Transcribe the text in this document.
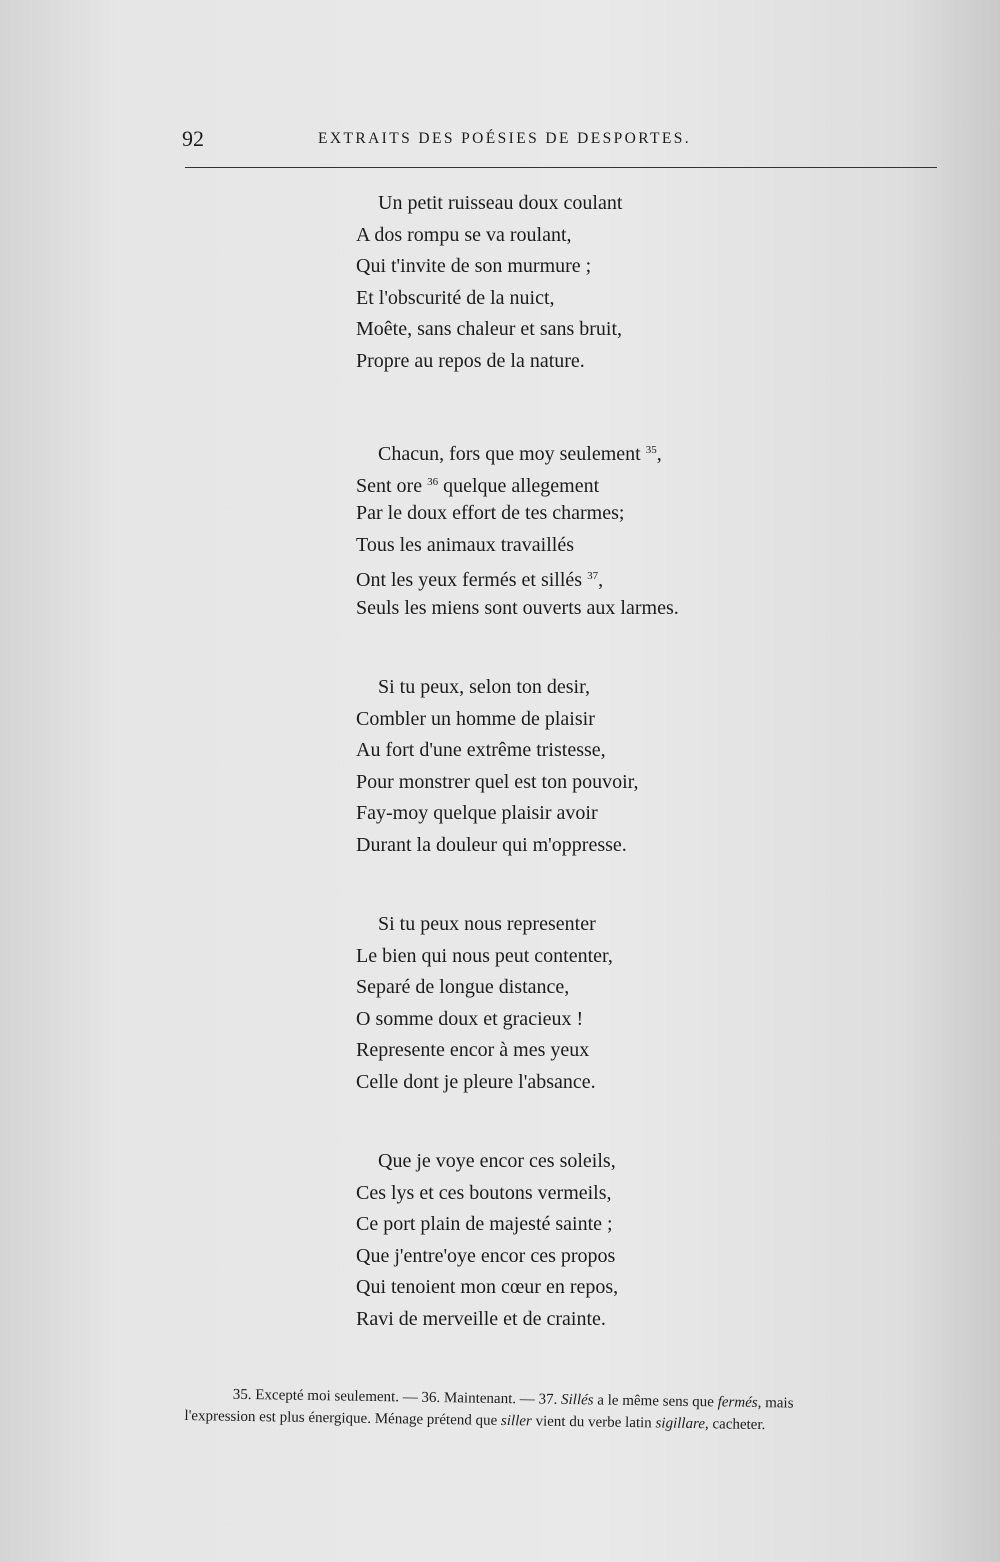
92	EXTRAITS DES POÉSIES DE DESPORTES.
Un petit ruisseau doux coulant
A dos rompu se va roulant,
Qui t'invite de son murmure ;
Et l'obscurité de la nuict,
Moête, sans chaleur et sans bruit,
Propre au repos de la nature.
Chacun, fors que moy seulement $^{35}$,
Sent ore $^{36}$ quelque allegement
Par le doux effort de tes charmes;
Tous les animaux travaillés
Ont les yeux fermés et sillés $^{37}$,
Seuls les miens sont ouverts aux larmes.
Si tu peux, selon ton desir,
Combler un homme de plaisir
Au fort d'une extrême tristesse,
Pour monstrer quel est ton pouvoir,
Fay-moy quelque plaisir avoir
Durant la douleur qui m'oppresse.
Si tu peux nous representer
Le bien qui nous peut contenter,
Separé de longue distance,
O somme doux et gracieux !
Represente encor à mes yeux
Celle dont je pleure l'absance.
Que je voye encor ces soleils,
Ces lys et ces boutons vermeils,
Ce port plain de majesté sainte ;
Que j'entre'oye encor ces propos
Qui tenoient mon cœur en repos,
Ravi de merveille et de crainte.
35. Excepté moi seulement. — 36. Maintenant. — 37. Sillés a le même sens que fermés, mais
l'expression est plus énergique. Ménage prétend que siller vient du verbe latin sigillare, cacheter.
